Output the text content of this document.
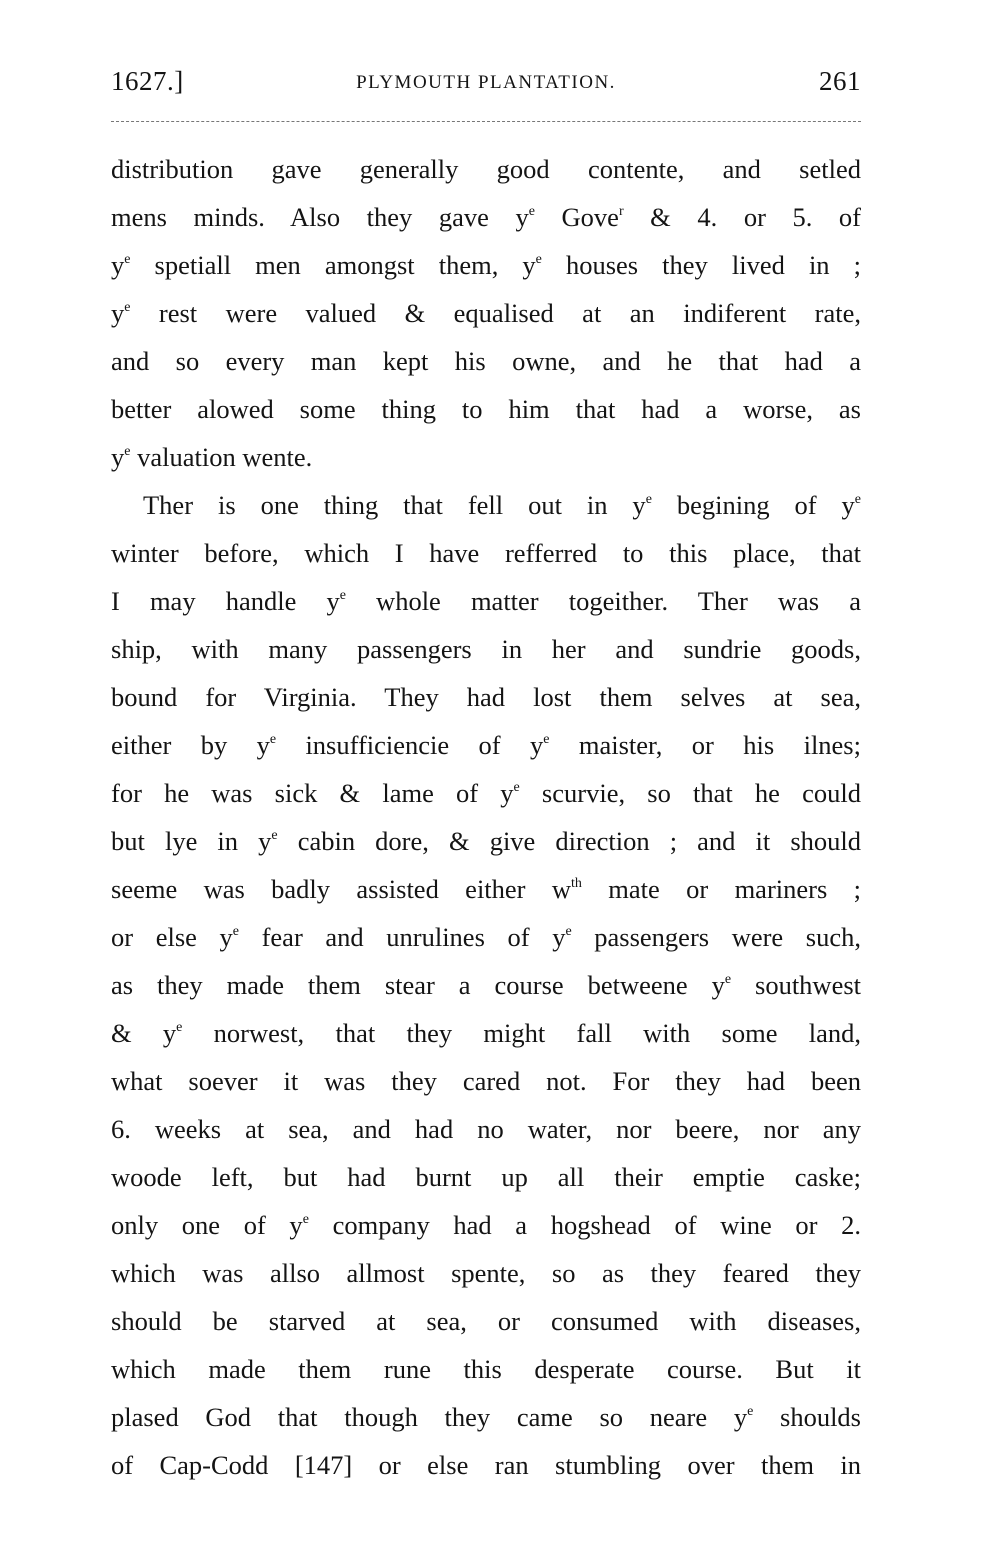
1627.]	PLYMOUTH PLANTATION.	261
distribution gave generally good contente, and setled
mens minds. Also they gave $y^e$ Gove$^r$ & 4. or 5. of
$y^e$ spetiall men amongst them, $y^e$ houses they lived in ;
$y^e$ rest were valued & equalised at an indiferent rate,
and so every man kept his owne, and he that had a
better alowed some thing to him that had a worse, as
$y^e$ valuation wente.
Ther is one thing that fell out in $y^e$ begining of $y^e$
winter before, which I have refferred to this place, that
I may handle $y^e$ whole matter togeither. Ther was a
ship, with many passengers in her and sundrie goods,
bound for Virginia. They had lost them selves at sea,
either by $y^e$ insufficiencie of $y^e$ maister, or his ilnes;
for he was sick & lame of $y^e$ scurvie, so that he could
but lye in $y^e$ cabin dore, & give direction ; and it should
seeme was badly assisted either $w^{th}$ mate or mariners ;
or else $y^e$ fear and unrulines of $y^e$ passengers were such,
as they made them stear a course betweene $y^e$ southwest
& $y^e$ norwest, that they might fall with some land,
what soever it was they cared not. For they had been
6. weeks at sea, and had no water, nor beere, nor any
woode left, but had burnt up all their emptie caske;
only one of $y^e$ company had a hogshead of wine or 2.
which was allso allmost spente, so as they feared they
should be starved at sea, or consumed with diseases,
which made them rune this desperate course. But it
plased God that though they came so neare $y^e$ shoulds
of Cap-Codd [147] or else ran stumbling over them in
